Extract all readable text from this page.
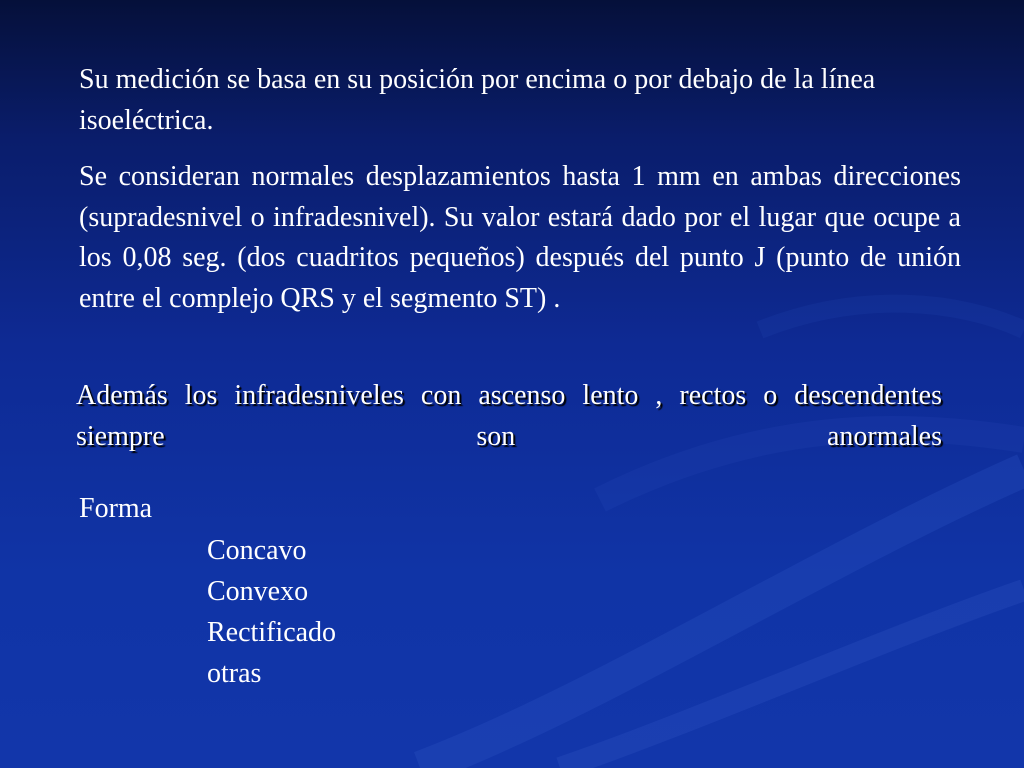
Su medición se basa en su posición por encima o por debajo de la línea isoeléctrica.

Se consideran normales desplazamientos hasta 1 mm en ambas direcciones (supradesnivel o infradesnivel). Su valor estará dado por el lugar que ocupe a los 0,08 seg. (dos cuadritos pequeños) después del punto J (punto de unión entre el complejo QRS y el segmento ST) .

Además los infradesniveles con ascenso lento , rectos o descendentes siempre son anormales

Forma
Concavo
Convexo
Rectificado
otras
